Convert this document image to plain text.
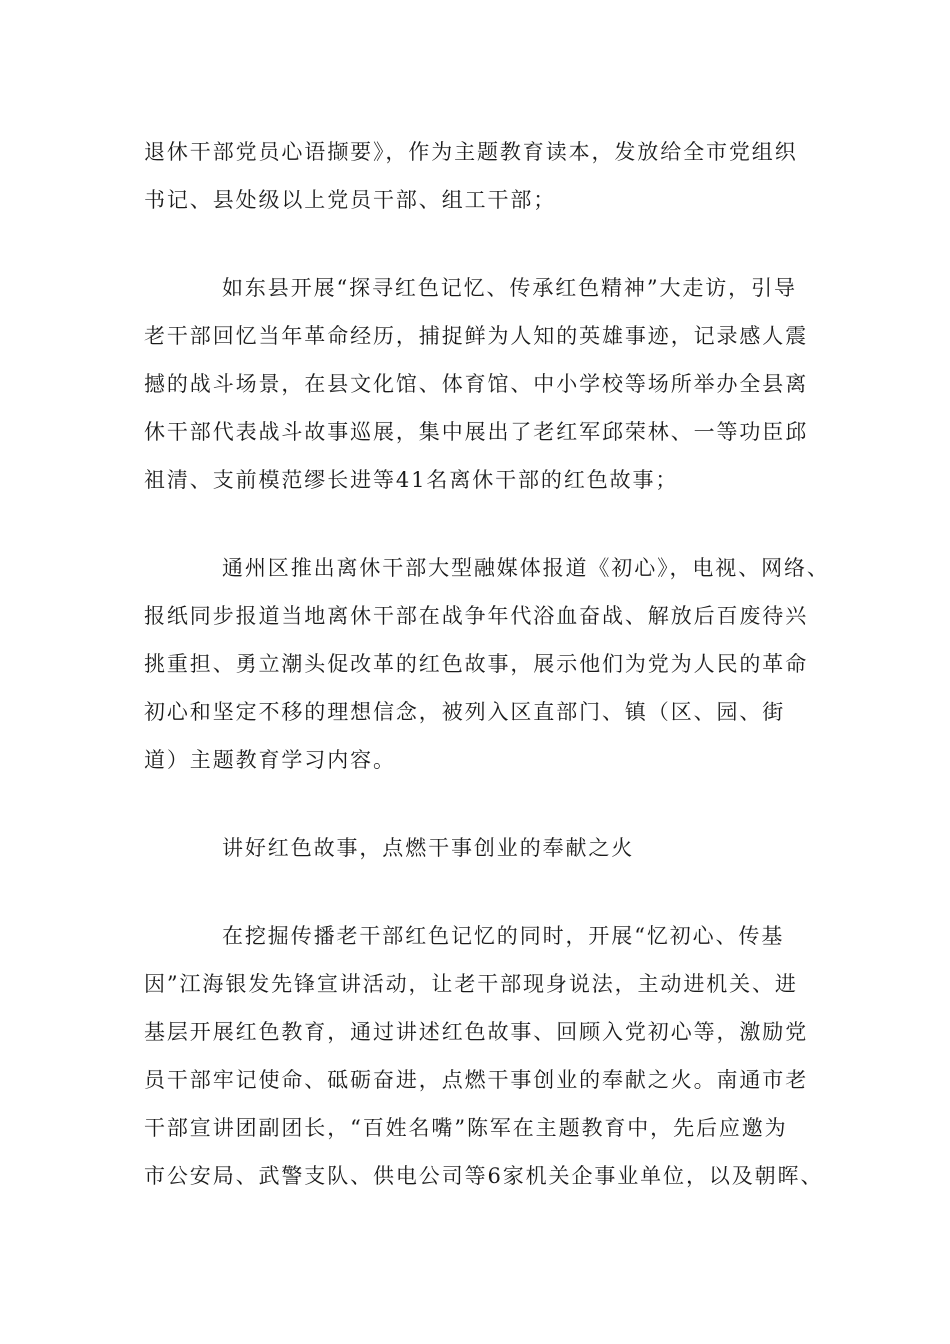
退休干部党员心语撷要》，作为主题教育读本，发放给全市党组织
书记、县处级以上党员干部、组工干部；
如东县开展“探寻红色记忆、传承红色精神”大走访，引导
老干部回忆当年革命经历，捕捉鲜为人知的英雄事迹，记录感人震
撼的战斗场景，在县文化馆、体育馆、中小学校等场所举办全县离
休干部代表战斗故事巡展，集中展出了老红军邱荣林、一等功臣邱
祖清、支前模范缪长进等41名离休干部的红色故事；
通州区推出离休干部大型融媒体报道《初心》，电视、网络、
报纸同步报道当地离休干部在战争年代浴血奋战、解放后百废待兴
挑重担、勇立潮头促改革的红色故事，展示他们为党为人民的革命
初心和坚定不移的理想信念，被列入区直部门、镇（区、园、街
道）主题教育学习内容。
讲好红色故事，点燃干事创业的奉献之火
在挖掘传播老干部红色记忆的同时，开展“忆初心、传基
因”江海银发先锋宣讲活动，让老干部现身说法，主动进机关、进
基层开展红色教育，通过讲述红色故事、回顾入党初心等，激励党
员干部牢记使命、砥砺奋进，点燃干事创业的奉献之火。南通市老
干部宣讲团副团长，“百姓名嘴”陈军在主题教育中，先后应邀为
市公安局、武警支队、供电公司等6家机关企事业单位，以及朝晖、
